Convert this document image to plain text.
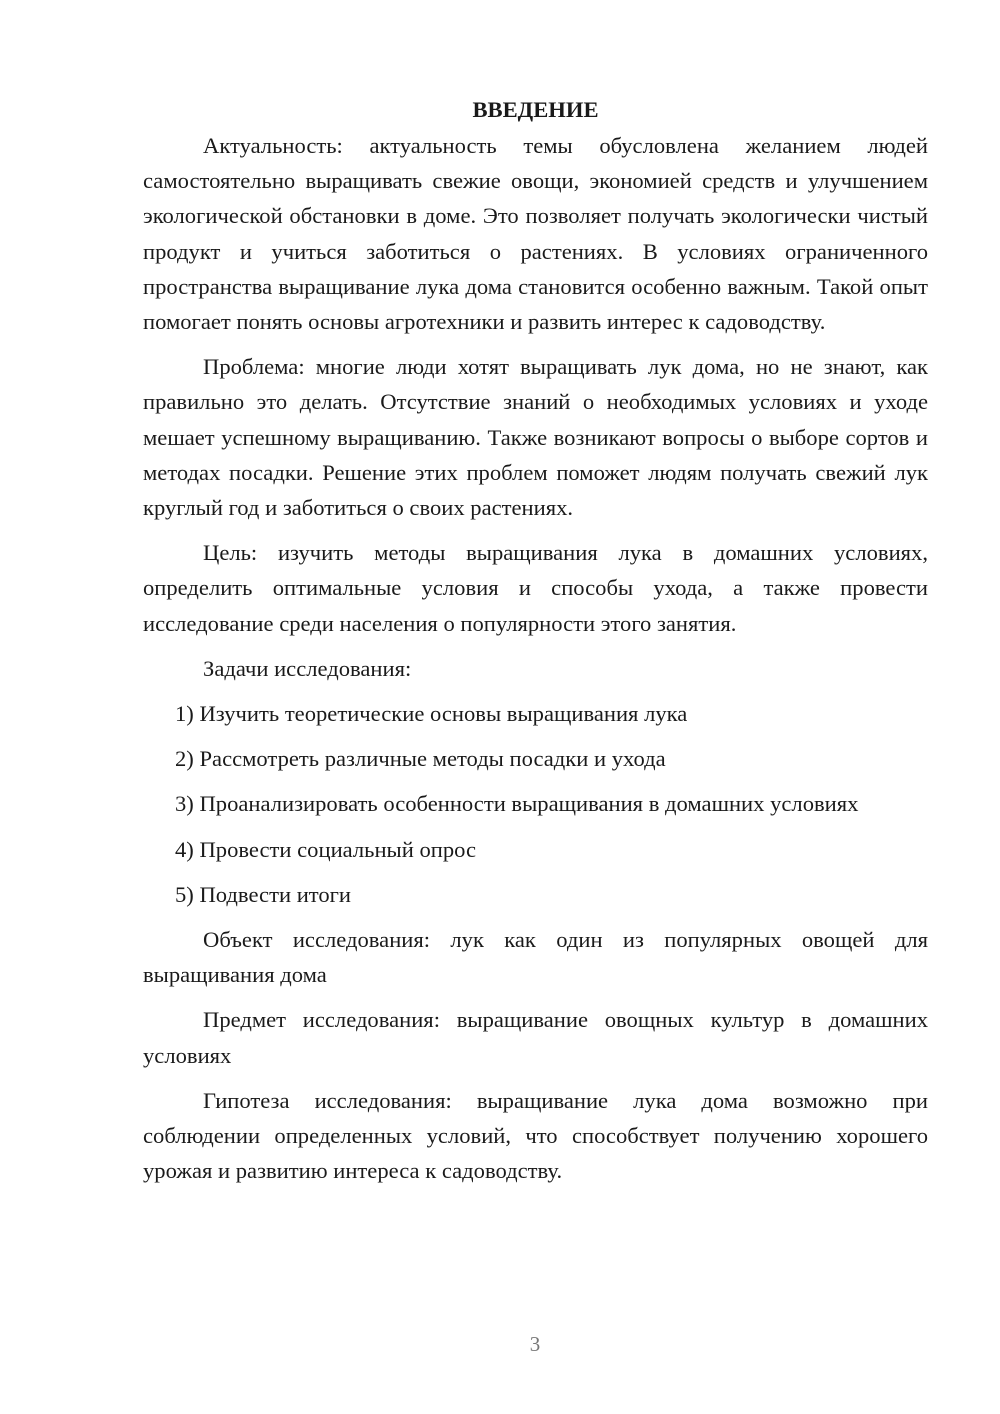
ВВЕДЕНИЕ

Актуальность: актуальность темы обусловлена желанием людей самостоятельно выращивать свежие овощи, экономией средств и улучшением экологической обстановки в доме. Это позволяет получать экологически чистый продукт и учиться заботиться о растениях. В условиях ограниченного пространства выращивание лука дома становится особенно важным. Такой опыт помогает понять основы агротехники и развить интерес к садоводству.

Проблема: многие люди хотят выращивать лук дома, но не знают, как правильно это делать. Отсутствие знаний о необходимых условиях и уходе мешает успешному выращиванию. Также возникают вопросы о выборе сортов и методах посадки. Решение этих проблем поможет людям получать свежий лук круглый год и заботиться о своих растениях.

Цель: изучить методы выращивания лука в домашних условиях, определить оптимальные условия и способы ухода, а также провести исследование среди населения о популярности этого занятия.

Задачи исследования:

1) Изучить теоретические основы выращивания лука

2) Рассмотреть различные методы посадки и ухода

3) Проанализировать особенности выращивания в домашних условиях

4) Провести социальный опрос

5) Подвести итоги

Объект исследования: лук как один из популярных овощей для выращивания дома

Предмет исследования: выращивание овощных культур в домашних условиях

Гипотеза исследования: выращивание лука дома возможно при соблюдении определенных условий, что способствует получению хорошего урожая и развитию интереса к садоводству.

3
